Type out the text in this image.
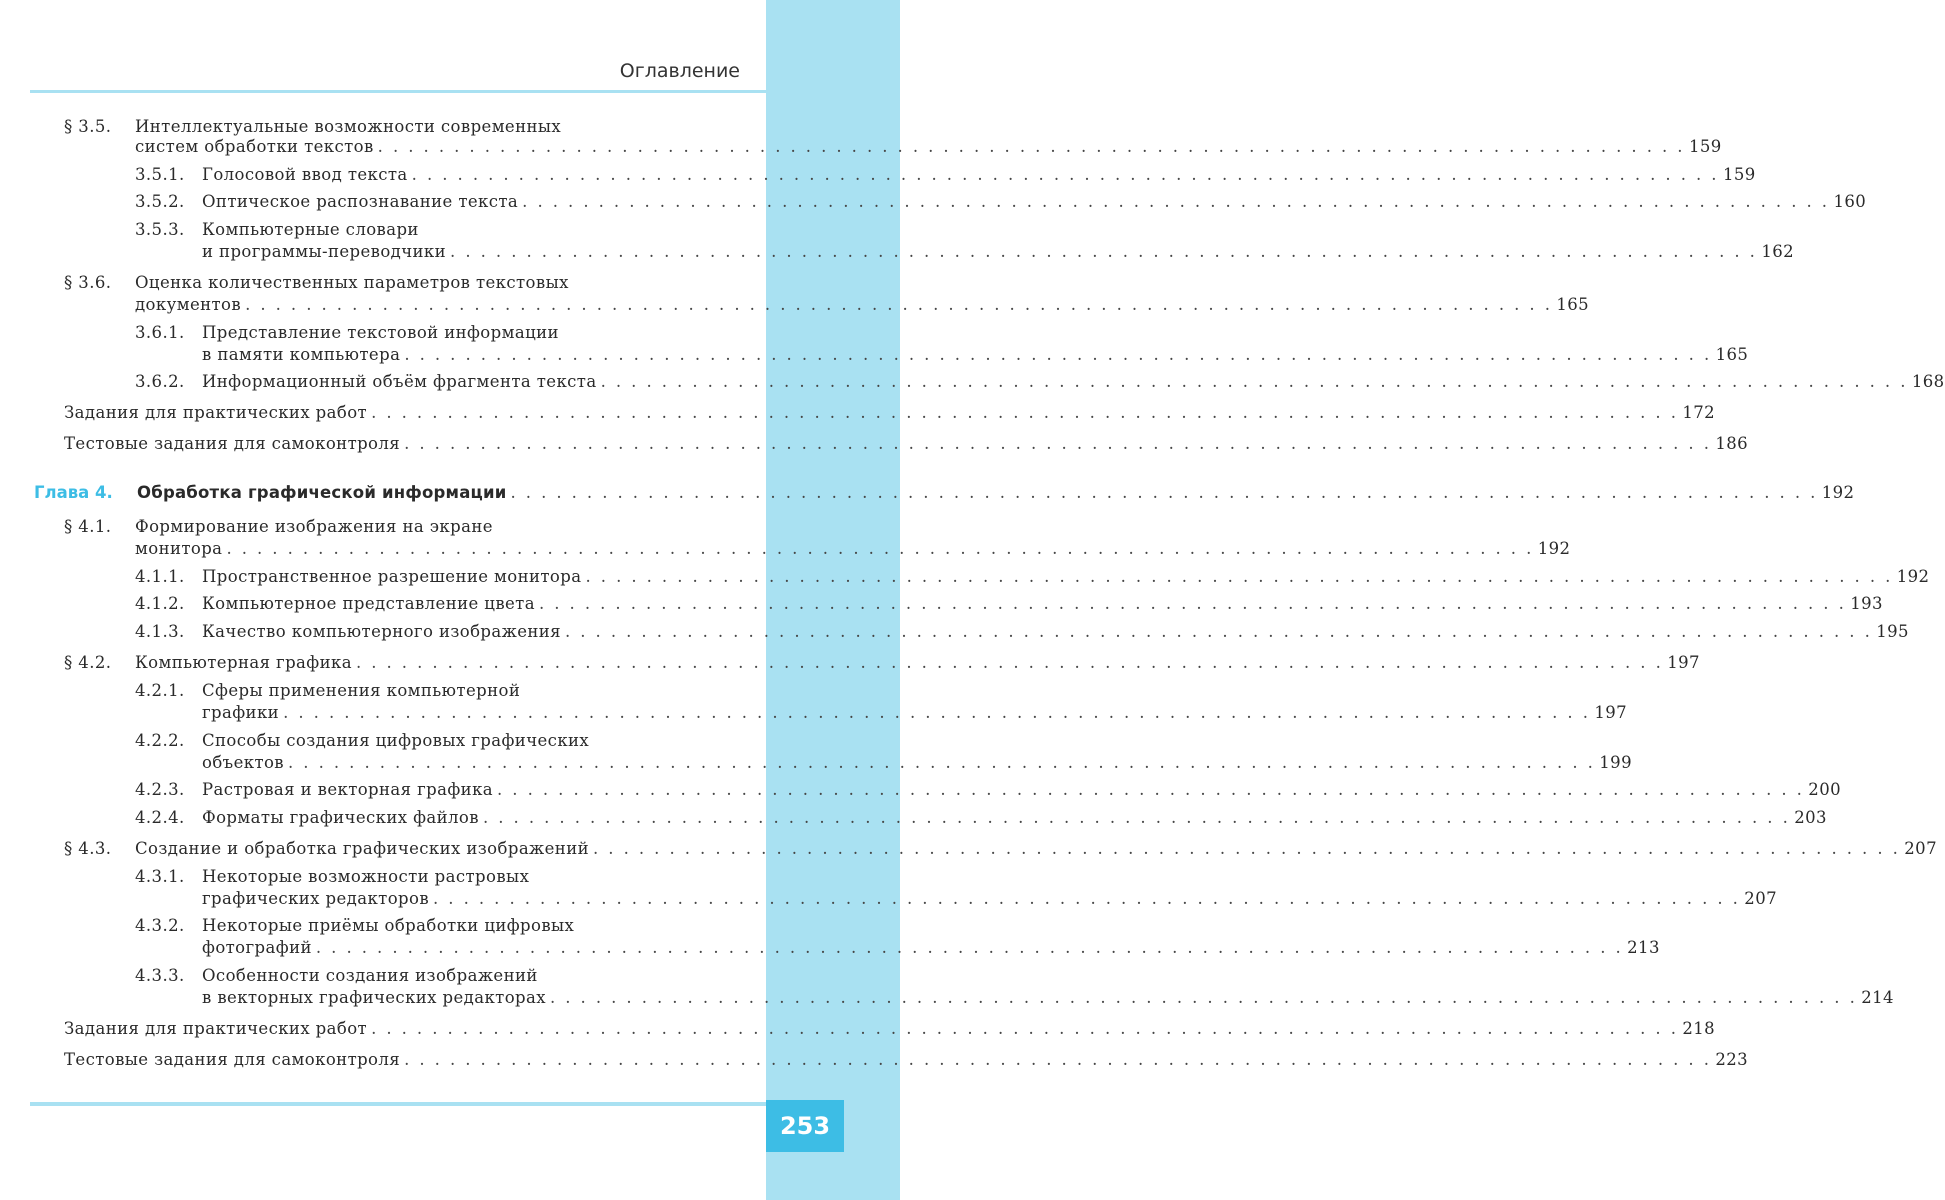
Оглавление
§ 3.5. Интеллектуальные возможности современных
систем обработки текстов . . . . . . . . . . . . . . . . . . . . . . . . . . . . . . . . . . . . . . . . . . . . . . . . . . . . . . . . . . . . . . . . . . . . . . . . . . . . . . . . . . . . . . 159
3.5.1. Голосовой ввод текста . . . . . . . . . . . . . . . . . . . . . . . . . . . . . . . . . . . . . . . . . . . . . . . . . . . . . . . . . . . . . . . . . . . . . . . . . . . . . . . . . . . . . . 159
3.5.2. Оптическое распознавание текста . . . . . . . . . . . . . . . . . . . . . . . . . . . . . . . . . . . . . . . . . . . . . . . . . . . . . . . . . . . . . . . . . . . . . . . . . . . . . . . . . . . . . . 160
3.5.3. Компьютерные словари
и программы-переводчики . . . . . . . . . . . . . . . . . . . . . . . . . . . . . . . . . . . . . . . . . . . . . . . . . . . . . . . . . . . . . . . . . . . . . . . . . . . . . . . . . . . . . . 162
§ 3.6. Оценка количественных параметров текстовых
документов . . . . . . . . . . . . . . . . . . . . . . . . . . . . . . . . . . . . . . . . . . . . . . . . . . . . . . . . . . . . . . . . . . . . . . . . . . . . . . . . . . . . . . 165
3.6.1. Представление текстовой информации
в памяти компьютера . . . . . . . . . . . . . . . . . . . . . . . . . . . . . . . . . . . . . . . . . . . . . . . . . . . . . . . . . . . . . . . . . . . . . . . . . . . . . . . . . . . . . . 165
3.6.2. Информационный объём фрагмента текста . . . . . . . . . . . . . . . . . . . . . . . . . . . . . . . . . . . . . . . . . . . . . . . . . . . . . . . . . . . . . . . . . . . . . . . . . . . . . . . . . . . . . . 168
Задания для практических работ . . . . . . . . . . . . . . . . . . . . . . . . . . . . . . . . . . . . . . . . . . . . . . . . . . . . . . . . . . . . . . . . . . . . . . . . . . . . . . . . . . . . . . 172
Тестовые задания для самоконтроля . . . . . . . . . . . . . . . . . . . . . . . . . . . . . . . . . . . . . . . . . . . . . . . . . . . . . . . . . . . . . . . . . . . . . . . . . . . . . . . . . . . . . . 186
Глава 4. Обработка графической информации . . . . . . . . . . . . . . . . . . . . . . . . . . . . . . . . . . . . . . . . . . . . . . . . . . . . . . . . . . . . . . . . . . . . . . . . . . . . . . . . . . . . . . 192
§ 4.1. Формирование изображения на экране
монитора . . . . . . . . . . . . . . . . . . . . . . . . . . . . . . . . . . . . . . . . . . . . . . . . . . . . . . . . . . . . . . . . . . . . . . . . . . . . . . . . . . . . . . 192
4.1.1. Пространственное разрешение монитора . . . . . . . . . . . . . . . . . . . . . . . . . . . . . . . . . . . . . . . . . . . . . . . . . . . . . . . . . . . . . . . . . . . . . . . . . . . . . . . . . . . . . . 192
4.1.2. Компьютерное представление цвета . . . . . . . . . . . . . . . . . . . . . . . . . . . . . . . . . . . . . . . . . . . . . . . . . . . . . . . . . . . . . . . . . . . . . . . . . . . . . . . . . . . . . . 193
4.1.3. Качество компьютерного изображения . . . . . . . . . . . . . . . . . . . . . . . . . . . . . . . . . . . . . . . . . . . . . . . . . . . . . . . . . . . . . . . . . . . . . . . . . . . . . . . . . . . . . . 195
§ 4.2. Компьютерная графика . . . . . . . . . . . . . . . . . . . . . . . . . . . . . . . . . . . . . . . . . . . . . . . . . . . . . . . . . . . . . . . . . . . . . . . . . . . . . . . . . . . . . . 197
4.2.1. Сферы применения компьютерной
графики . . . . . . . . . . . . . . . . . . . . . . . . . . . . . . . . . . . . . . . . . . . . . . . . . . . . . . . . . . . . . . . . . . . . . . . . . . . . . . . . . . . . . . 197
4.2.2. Способы создания цифровых графических
объектов . . . . . . . . . . . . . . . . . . . . . . . . . . . . . . . . . . . . . . . . . . . . . . . . . . . . . . . . . . . . . . . . . . . . . . . . . . . . . . . . . . . . . . 199
4.2.3. Растровая и векторная графика . . . . . . . . . . . . . . . . . . . . . . . . . . . . . . . . . . . . . . . . . . . . . . . . . . . . . . . . . . . . . . . . . . . . . . . . . . . . . . . . . . . . . . 200
4.2.4. Форматы графических файлов . . . . . . . . . . . . . . . . . . . . . . . . . . . . . . . . . . . . . . . . . . . . . . . . . . . . . . . . . . . . . . . . . . . . . . . . . . . . . . . . . . . . . . 203
§ 4.3. Создание и обработка графических изображений . . . . . . . . . . . . . . . . . . . . . . . . . . . . . . . . . . . . . . . . . . . . . . . . . . . . . . . . . . . . . . . . . . . . . . . . . . . . . . . . . . . . . . 207
4.3.1. Некоторые возможности растровых
графических редакторов . . . . . . . . . . . . . . . . . . . . . . . . . . . . . . . . . . . . . . . . . . . . . . . . . . . . . . . . . . . . . . . . . . . . . . . . . . . . . . . . . . . . . . 207
4.3.2. Некоторые приёмы обработки цифровых
фотографий . . . . . . . . . . . . . . . . . . . . . . . . . . . . . . . . . . . . . . . . . . . . . . . . . . . . . . . . . . . . . . . . . . . . . . . . . . . . . . . . . . . . . . 213
4.3.3. Особенности создания изображений
в векторных графических редакторах . . . . . . . . . . . . . . . . . . . . . . . . . . . . . . . . . . . . . . . . . . . . . . . . . . . . . . . . . . . . . . . . . . . . . . . . . . . . . . . . . . . . . . 214
Задания для практических работ . . . . . . . . . . . . . . . . . . . . . . . . . . . . . . . . . . . . . . . . . . . . . . . . . . . . . . . . . . . . . . . . . . . . . . . . . . . . . . . . . . . . . . 218
Тестовые задания для самоконтроля . . . . . . . . . . . . . . . . . . . . . . . . . . . . . . . . . . . . . . . . . . . . . . . . . . . . . . . . . . . . . . . . . . . . . . . . . . . . . . . . . . . . . . 223
253
